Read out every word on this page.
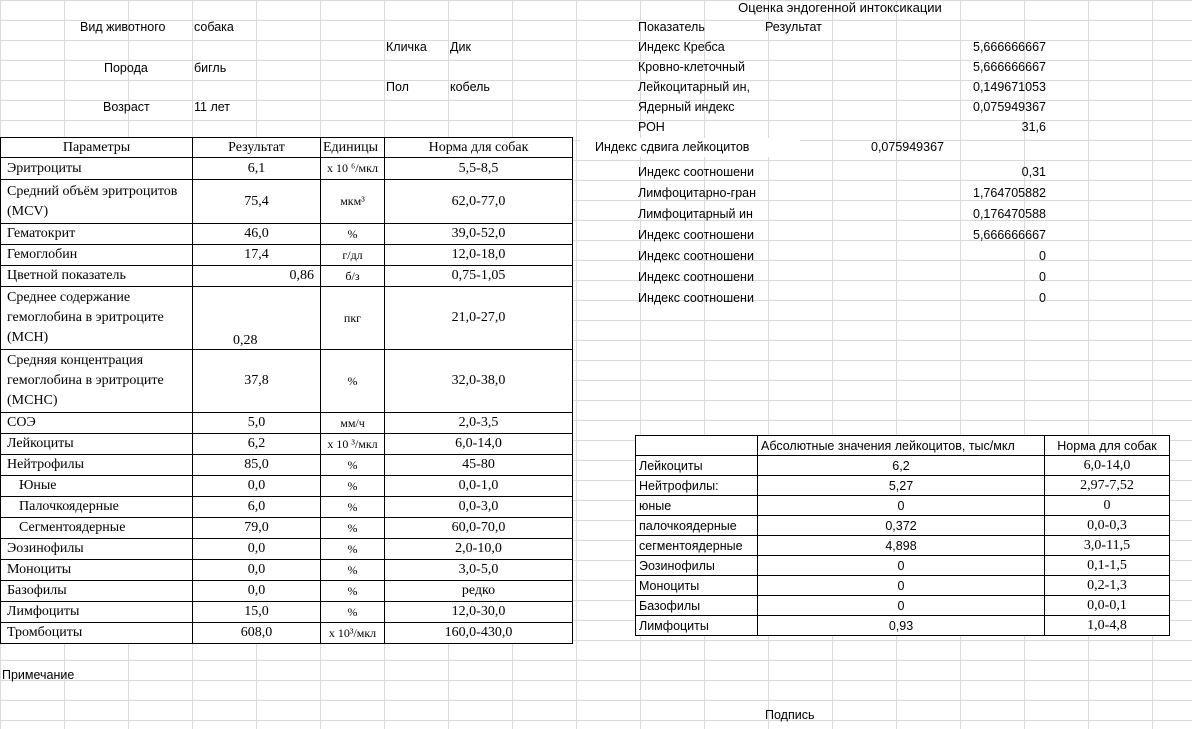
Вид животного собака
Порода	бигль
Возраст	11 лет
Кличка Дик
Пол	кобель
Параметры	Результат	Единицы	Норма для собак
Эритроциты	6,1	x 10 ⁶/мкл	5,5-8,5
Средний объём эритроцитов (MCV)	75,4	мкм³	62,0-77,0
Гематокрит	46,0	%	39,0-52,0
Гемоглобин	17,4	г/дл	12,0-18,0
Цветной показатель	0,86	б/з	0,75-1,05
Среднее содержание гемоглобина в эритроците (MCH)	0,28	пкг	21,0-27,0
Средняя концентрация гемоглобина в эритроците (MCHC)	37,8	%	32,0-38,0
СОЭ	5,0	мм/ч	2,0-3,5
Лейкоциты	6,2	x 10 ³/мкл	6,0-14,0
Нейтрофилы	85,0	%	45-80
Юные	0,0	%	0,0-1,0
Палочкоядерные	6,0	%	0,0-3,0
Сегментоядерные	79,0	%	60,0-70,0
Эозинофилы	0,0	%	2,0-10,0
Моноциты	0,0	%	3,0-5,0
Базофилы	0,0	%	редко
Лимфоциты	15,0	%	12,0-30,0
Тромбоциты	608,0	x 10³/мкл	160,0-430,0
Оценка эндогенной интоксикации
Показатель	Результат
Индекс Кребса	5,666666667
Кровно-клеточный	5,666666667
Лейкоцитарный ин,	0,149671053
Ядерный индекс	0,075949367
РОН	31,6
Индекс сдвига лейкоцитов	0,075949367
Индекс соотношени	0,31
Лимфоцитарно-гран	1,764705882
Лимфоцитарный ин	0,176470588
Индекс соотношени	5,666666667
Индекс соотношени	0
Индекс соотношени	0
Индекс соотношени	0
	Абсолютные значения лейкоцитов, тыс/мкл	Норма для собак
Лейкоциты	6,2	6,0-14,0
Нейтрофилы:	5,27	2,97-7,52
юные	0	0
палочкоядерные	0,372	0,0-0,3
сегментоядерные	4,898	3,0-11,5
Эозинофилы	0	0,1-1,5
Моноциты	0	0,2-1,3
Базофилы	0	0,0-0,1
Лимфоциты	0,93	1,0-4,8
Примечание
Подпись
